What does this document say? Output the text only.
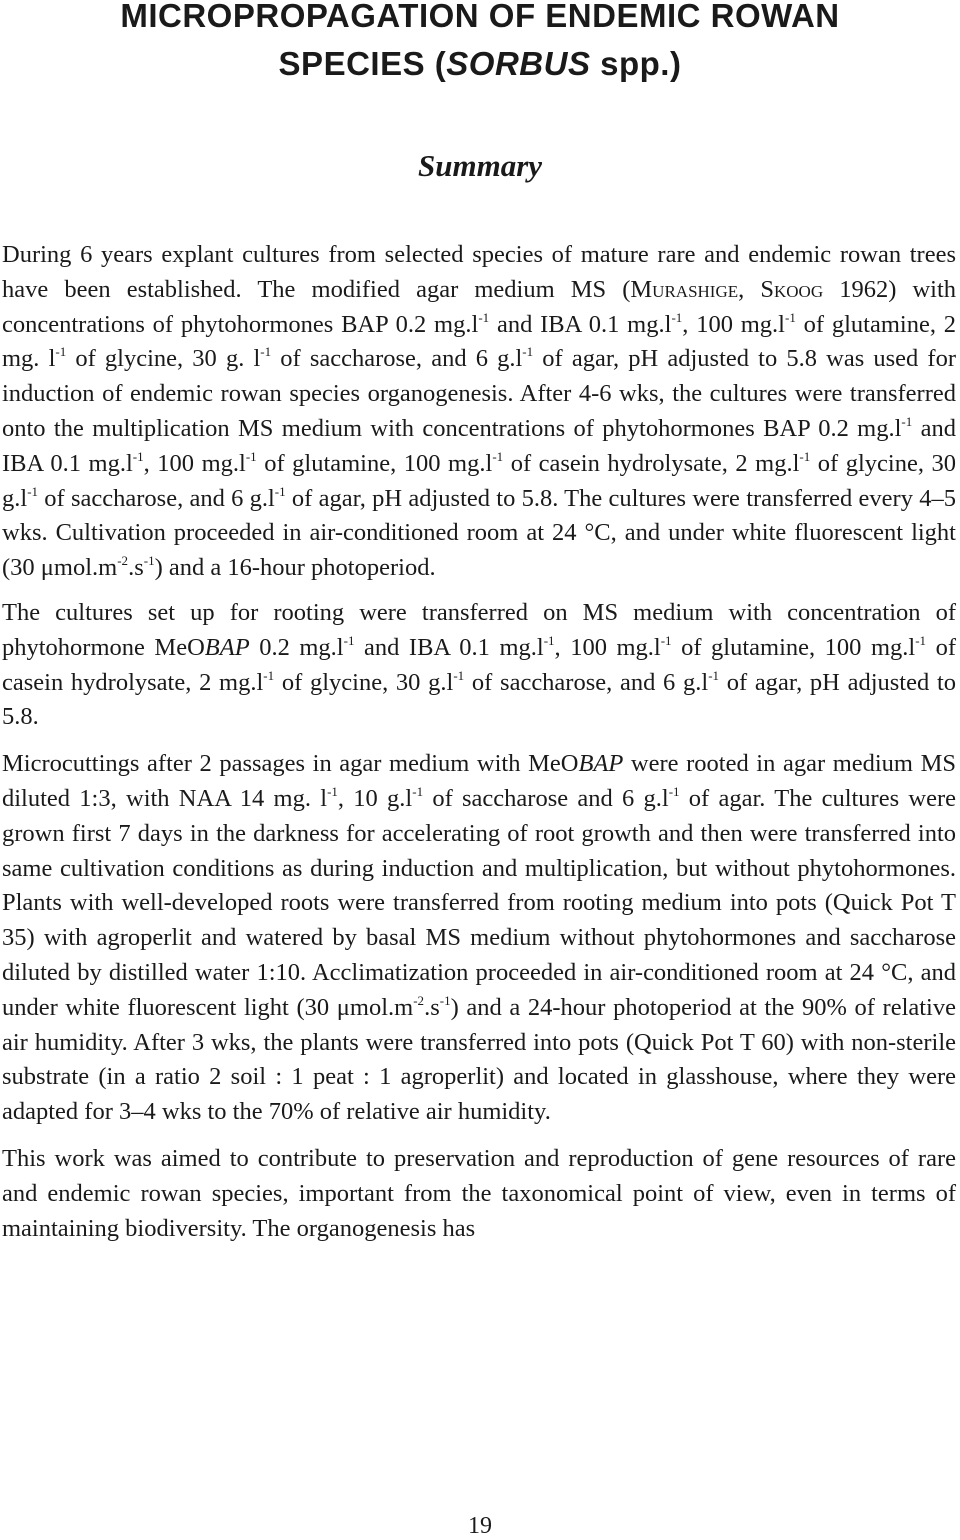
MICROPROPAGATION OF ENDEMIC ROWAN
SPECIES (SORBUS spp.)
Summary

During 6 years explant cultures from selected species of mature rare and endemic rowan trees have been established. The modified agar medium MS (Murashige, Skoog 1962) with concentrations of phytohormones BAP 0.2 $mg.l^{-1}$ and IBA 0.1 $mg.l^{-1}$, 100 $mg.l^{-1}$ of glutamine, 2 mg. $l^{-1}$ of glycine, 30 g. $l^{-1}$ of saccharose, and 6 $g.l^{-1}$ of agar, pH adjusted to 5.8 was used for induction of endemic rowan species organogenesis. After 4-6 wks, the cultures were transferred onto the multiplication MS medium with concentrations of phytohormones BAP 0.2 $mg.l^{-1}$ and IBA 0.1 $mg.l^{-1}$, 100 $mg.l^{-1}$ of glutamine, 100 $mg.l^{-1}$ of casein hydrolysate, 2 $mg.l^{-1}$ of glycine, 30 $g.l^{-1}$ of saccharose, and 6 $g.l^{-1}$ of agar, pH adjusted to 5.8. The cultures were transferred every 4–5 wks. Cultivation proceeded in air-conditioned room at 24 °C, and under white fluorescent light (30 $\mu mol.m^{-2}.s^{-1}$) and a 16-hour photoperiod.

The cultures set up for rooting were transferred on MS medium with concentration of phytohormone MeOBAP 0.2 $mg.l^{-1}$ and IBA 0.1 $mg.l^{-1}$, 100 $mg.l^{-1}$ of glutamine, 100 $mg.l^{-1}$ of casein hydrolysate, 2 $mg.l^{-1}$ of glycine, 30 $g.l^{-1}$ of saccharose, and 6 $g.l^{-1}$ of agar, pH adjusted to 5.8.

Microcuttings after 2 passages in agar medium with MeOBAP were rooted in agar medium MS diluted 1:3, with NAA 14 mg. $l^{-1}$, 10 $g.l^{-1}$ of saccharose and 6 $g.l^{-1}$ of agar. The cultures were grown first 7 days in the darkness for accelerating of root growth and then were transferred into same cultivation conditions as during induction and multiplication, but without phytohormones. Plants with well-developed roots were transferred from rooting medium into pots (Quick Pot T 35) with agroperlit and watered by basal MS medium without phytohormones and saccharose diluted by distilled water 1:10. Acclimatization proceeded in air-conditioned room at 24 °C, and under white fluorescent light (30 $\mu mol.m^{-2}.s^{-1}$) and a 24-hour photoperiod at the 90% of relative air humidity. After 3 wks, the plants were transferred into pots (Quick Pot T 60) with non-sterile substrate (in a ratio 2 soil : 1 peat : 1 agroperlit) and located in glasshouse, where they were adapted for 3–4 wks to the 70% of relative air humidity.

This work was aimed to contribute to preservation and reproduction of gene resources of rare and endemic rowan species, important from the taxonomical point of view, even in terms of maintaining biodiversity. The organogenesis has

19
